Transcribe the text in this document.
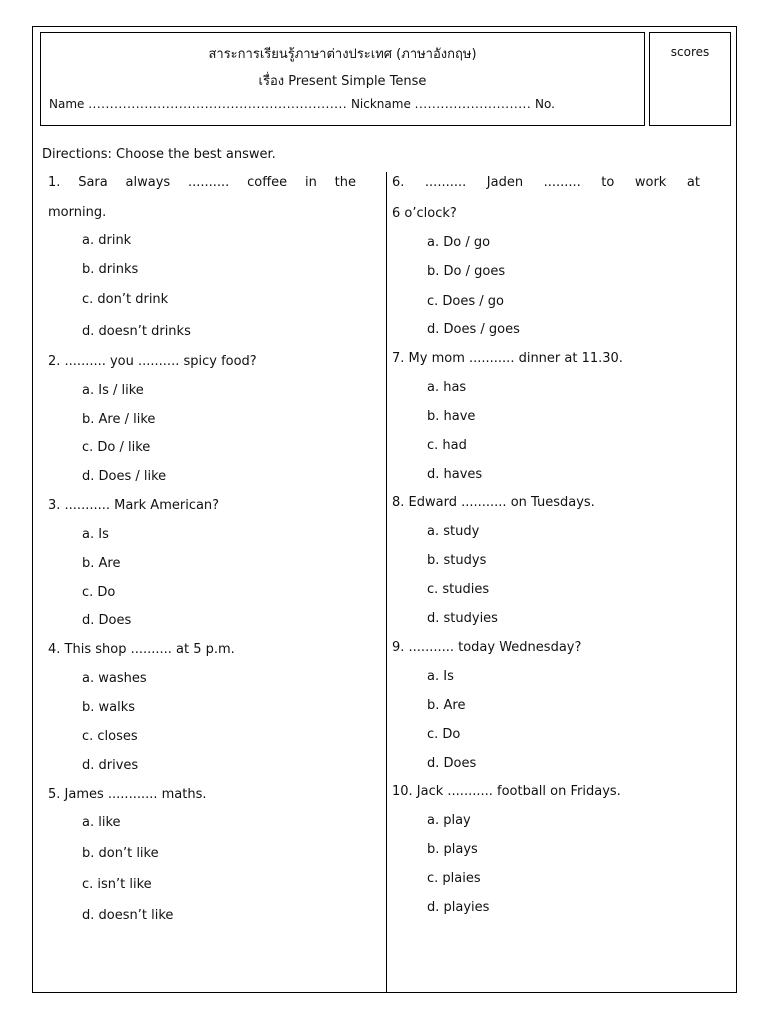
สาระการเรียนรู้ภาษาต่างประเทศ (ภาษาอังกฤษ)
เรื่อง Present Simple Tense
Name ............................................................ Nickname ........................... No.
scores
Directions: Choose the best answer.
1. Sara always .......... coffee in the
morning.
a. drink
b. drinks
c. don’t drink
d. doesn’t drinks
2. .......... you .......... spicy food?
a. Is / like
b. Are / like
c. Do / like
d. Does / like
3. ........... Mark American?
a. Is
b. Are
c. Do
d. Does
4. This shop .......... at 5 p.m.
a. washes
b. walks
c. closes
d. drives
5. James ............ maths.
a. like
b. don’t like
c. isn’t like
d. doesn’t like
6. .......... Jaden ......... to work at
6 o’clock?
a. Do / go
b. Do / goes
c. Does / go
d. Does / goes
7. My mom ........... dinner at 11.30.
a. has
b. have
c. had
d. haves
8. Edward ........... on Tuesdays.
a. study
b. studys
c. studies
d. studyies
9. ........... today Wednesday?
a. Is
b. Are
c. Do
d. Does
10. Jack ........... football on Fridays.
a. play
b. plays
c. plaies
d. playies
